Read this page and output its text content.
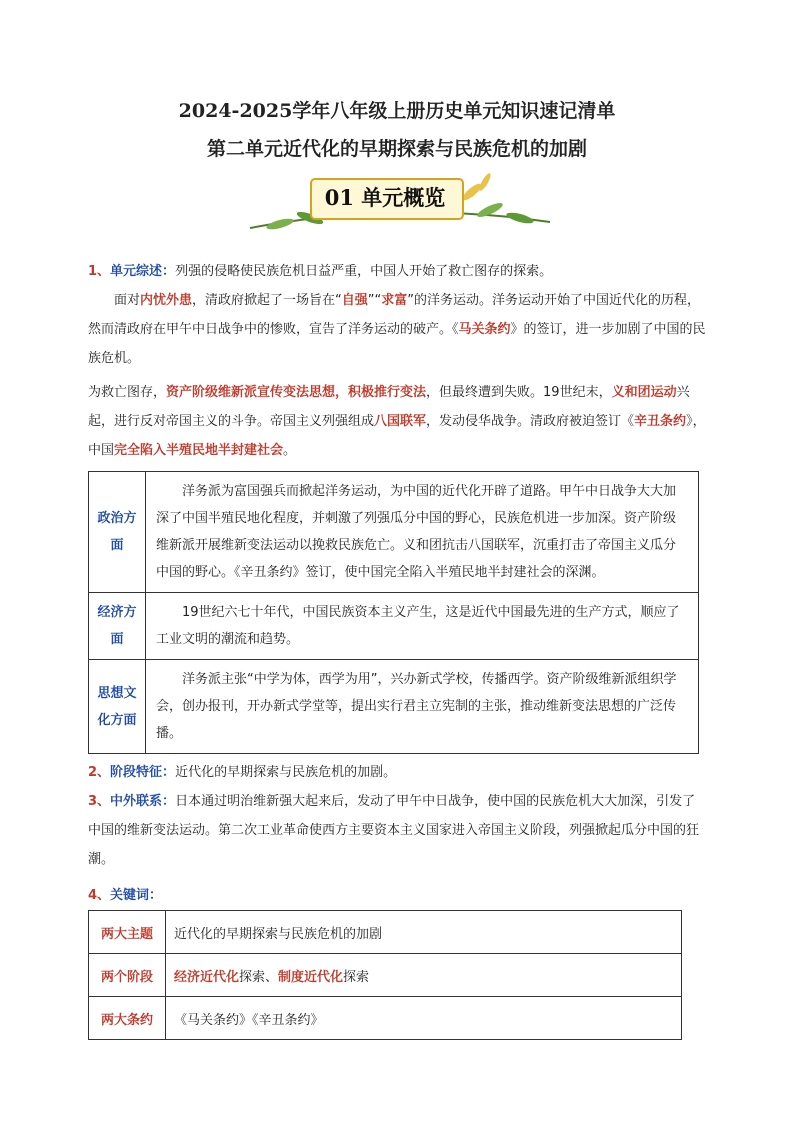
2024-2025学年八年级上册历史单元知识速记清单
第二单元近代化的早期探索与民族危机的加剧
01 单元概览
1、单元综述：列强的侵略使民族危机日益严重，中国人开始了救亡图存的探索。
面对内忧外患，清政府掀起了一场旨在“自强”“求富”的洋务运动。洋务运动开始了中国近代化的历程，然而清政府在甲午中日战争中的惨败，宣告了洋务运动的破产。《马关条约》的签订，进一步加剧了中国的民族危机。
为救亡图存，资产阶级维新派宣传变法思想，积极推行变法，但最终遭到失败。19世纪末，义和团运动兴起，进行反对帝国主义的斗争。帝国主义列强组成八国联军，发动侵华战争。清政府被迫签订《辛丑条约》，中国完全陷入半殖民地半封建社会。
政治方面	洋务派为富国强兵而掀起洋务运动，为中国的近代化开辟了道路。甲午中日战争大大加深了中国半殖民地化程度，并刺激了列强瓜分中国的野心，民族危机进一步加深。资产阶级维新派开展维新变法运动以挽救民族危亡。义和团抗击八国联军，沉重打击了帝国主义瓜分中国的野心。《辛丑条约》签订，使中国完全陷入半殖民地半封建社会的深渊。
经济方面	19世纪六七十年代，中国民族资本主义产生，这是近代中国最先进的生产方式，顺应了工业文明的潮流和趋势。
思想文化方面	洋务派主张“中学为体，西学为用”，兴办新式学校，传播西学。资产阶级维新派组织学会，创办报刊，开办新式学堂等，提出实行君主立宪制的主张，推动维新变法思想的广泛传播。
2、阶段特征：近代化的早期探索与民族危机的加剧。
3、中外联系：日本通过明治维新强大起来后，发动了甲午中日战争，使中国的民族危机大大加深，引发了中国的维新变法运动。第二次工业革命使西方主要资本主义国家进入帝国主义阶段，列强掀起瓜分中国的狂潮。
4、关键词：
两大主题	近代化的早期探索与民族危机的加剧
两个阶段	经济近代化探索、制度近代化探索
两大条约	《马关条约》《辛丑条约》
